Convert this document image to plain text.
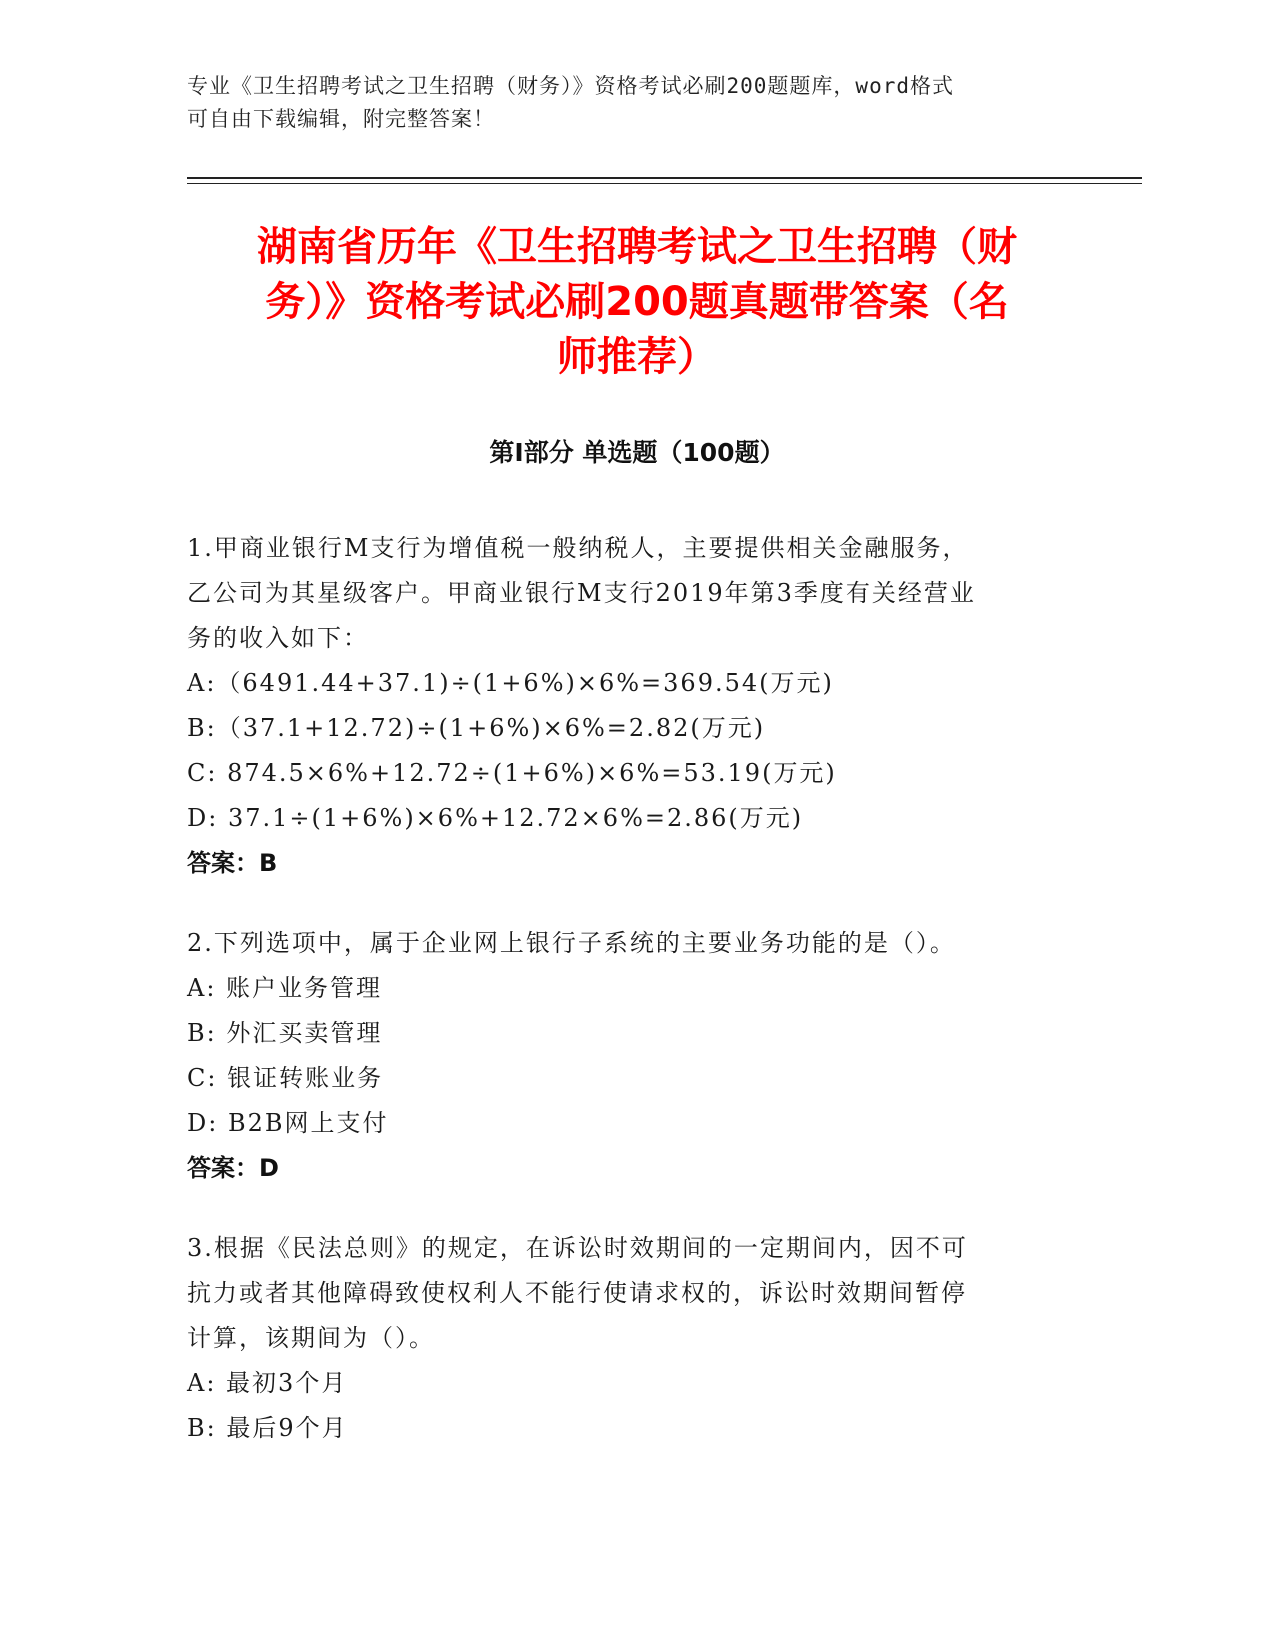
专业《卫生招聘考试之卫生招聘（财务）》资格考试必刷200题题库，word格式
可自由下载编辑，附完整答案！
湖南省历年《卫生招聘考试之卫生招聘（财
务）》资格考试必刷200题真题带答案（名
师推荐）
第Ⅰ部分 单选题（100题）
1.甲商业银行M支行为增值税一般纳税人，主要提供相关金融服务，
乙公司为其星级客户。甲商业银行M支行2019年第3季度有关经营业
务的收入如下：
A:（6491.44+37.1)÷(1+6%)×6%=369.54(万元)
B:（37.1+12.72)÷(1+6%)×6%=2.82(万元)
C: 874.5×6%+12.72÷(1+6%)×6%=53.19(万元)
D: 37.1÷(1+6%)×6%+12.72×6%=2.86(万元)
答案：B
2.下列选项中，属于企业网上银行子系统的主要业务功能的是（）。
A: 账户业务管理
B: 外汇买卖管理
C: 银证转账业务
D: B2B网上支付
答案：D
3.根据《民法总则》的规定，在诉讼时效期间的一定期间内，因不可
抗力或者其他障碍致使权利人不能行使请求权的，诉讼时效期间暂停
计算，该期间为（）。
A: 最初3个月
B: 最后9个月
